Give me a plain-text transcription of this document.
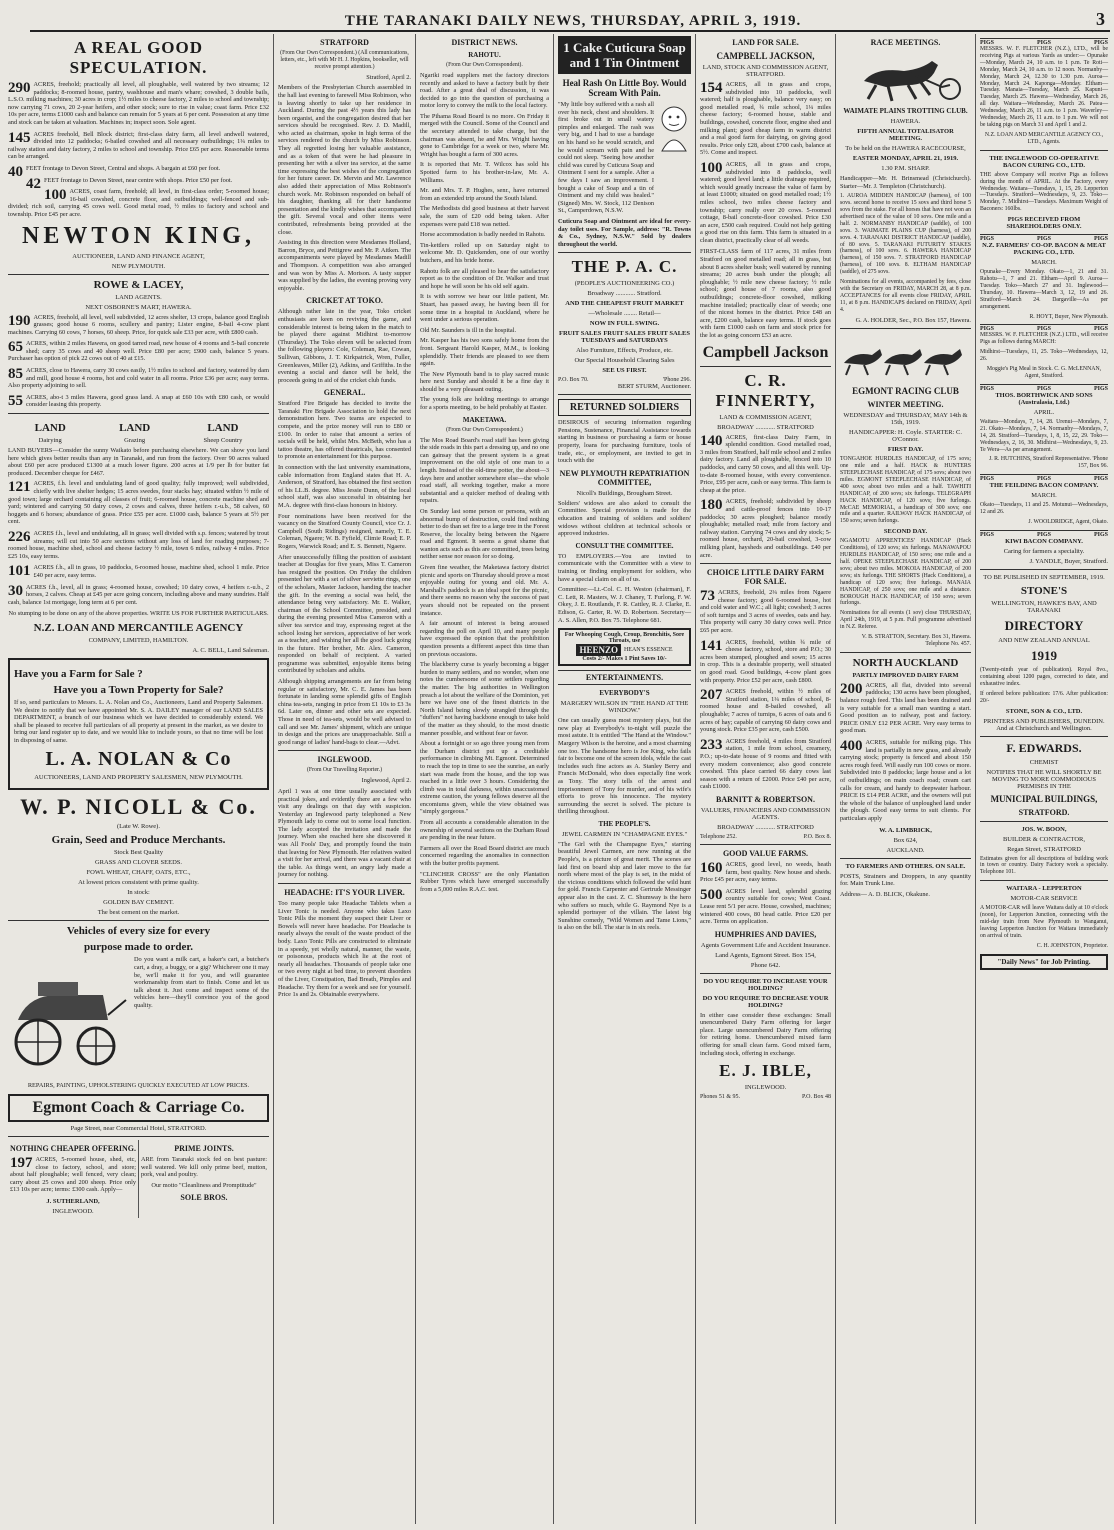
THE TARANAKI DAILY NEWS, THURSDAY, APRIL 3, 1919.	3
A REAL GOOD SPECULATION.
290 ACRES, freehold; practically all level, all ploughable, well watered by two streams; 12 paddocks; 8-roomed house, pantry, washhouse and man's whare; cowshed, 3 double bails, L.S.O. milking machines; 30 acres in crop; 1½ miles to cheese factory, 2 miles to school and township; now carrying 71 cows, 20 2-year heifers, and other stock; sure to rise in value; coast farm. Price £32 10s per acre, terms £1000 cash and balance can remain for 5 years at 6 per cent. Possession at any time and stock can be taken at valuation. Machines in; inspect soon. Sole agent.
145 ACRES freehold, Bell Block district; first-class dairy farm, all level andwell watered, divided into 12 paddocks; 6-bailed cowshed and all necessary outbuildings; 1¼ miles to railway station and dairy factory, 2 miles to school and township. Price £65 per acre. Reasonable terms can be arranged.
40 FEET frontage to Devon Street, Central and shops. A bargain at £60 per foot.
42 FEET frontage to Devon Street, near centre with shops. Price £50 per foot.
100 ACRES, coast farm, freehold; all level, in first-class order; 5-roomed house; 16-bail cowshed, concrete floor, and outbuildings; well-fenced and sub-divided; rich soil, carrying 45 cows well. Good metal road, ½ miles to factory and school and township. Price £45 per acre.
NEWTON KING,
AUCTIONEER, LAND AND FINANCE AGENT,
NEW PLYMOUTH.
ROWE & LACEY,
LAND AGENTS.
NEXT OSBORNE'S MART, HAWERA.
190 ACRES, freehold, all level, well subdivided, 12 acres shelter, 13 crops, balance good English grasses; good house 6 rooms, scullery and pantry; Lister engine, 8-bail 4-cow plant machines. Carrying 60 cows, 7 horses, 60 sheep. Price, for quick sale £33 per acre, with £800 cash.
65 ACRES, within 2 miles Hawera, on good tarred road, new house of 4 rooms and 5-bail concrete shed; carry 35 cows and 40 sheep well. Price £80 per acre; £900 cash, balance 5 years. Purchaser has option of pick 22 cows out of 40 at £15.
85 ACRES, close to Hawera, carry 30 cows easily, 1½ miles to school and factory, watered by dam and mill, good house 4 rooms, hot and cold water in all rooms. Price £36 per acre; easy terms. Also property adjoining to sell.
55 ACRES, abo-t 3 miles Hawera, good grass land. A snap at £60 10s with £80 cash, or would consider leasing this property.
LAND
Dairying
LAND
Grazing
LAND
Sheep Country

LAND BUYERS—Consider the sunny Waikato before purchasing elsewhere. We can show you land here which gives better results than any in Taranaki, and run from the factory. Over 90 acres valued about £60 per acre produced £1300 at a much lower figure. 200 acres at 1/9 per lb for butter fat produced. December cheque for £467.

121 ACRES, f.h. level and undulating land of good quality; fully improved; well subdivided, chiefly with live shelter hedges; 15 acres swedes, four stacks hay; situated within ½ mile of good town; large orchard containing all classes of fruit; 6-roomed house, concrete machine shed and yard; wintered and carrying 50 dairy cows, 2 cows and calves, three heifers r.-u.b., 58 calves, 60 hoggets and 6 horses; abundance of grass. Price £55 per acre. £1000 cash, balance 5 years at 5½ per cent.
226 ACRES f.h., level and undulating, all in grass; well divided with s.p. fences; watered by trout streams; will cut into 50 acre sections without any loss of land for roading purposes; 7-roomed house, machine shed, school and cheese factory ½ mile, town 6 miles, railway 4 miles. Price £25 10s, easy terms.
101 ACRES f.h., all in grass, 10 paddocks, 6-roomed house, machine shed, school 1 mile. Price £40 per acre, easy terms.
30 ACRES f.h., level, all in grass; 4-roomed house, cowshed; 10 dairy cows, 4 heifers r.-u.b., 2 horses, 2 calves. Cheap at £45 per acre going concern, including above and many sundries. Half cash, balance 1st mortgage, long term at 6 per cent.

No stumping to be done on any of the above properties. WRITE US FOR FURTHER PARTICULARS.

N.Z. LOAN AND MERCANTILE AGENCY
COMPANY, LIMITED, HAMILTON.
A. C. BELL, Land Salesman.
Have you a Farm for Sale ?
Have you a Town Property for Sale?

If so, send particulars to Messrs. L. A. Nolan and Co., Auctioneers, Land and Property Salesmen. We desire to notify that we have appointed Mr. S. A. DAILEY manager of our LAND SALES DEPARTMENT, a branch of our business which we have decided to considerably extend. We shall be pleased to receive full particulars of all property at present in the market, as we desire to bring our land register up to date, and we would like to include yours, so that no time will be lost in disposing of same.

L. A. NOLAN & Co
AUCTIONEERS, LAND AND PROPERTY SALESMEN, NEW PLYMOUTH.
W. P. NICOLL & Co.
(Late W. Rowe).
Grain, Seed and Produce Merchants.
Stock Best Quality
GRASS AND CLOVER SEEDS.
FOWL WHEAT, CHAFF, OATS, ETC.,
At lowest prices consistent with prime quality.
In stock:
GOLDEN BAY CEMENT.
The best cement on the market.
Vehicles of every size for every
purpose made to order.

Do you want a milk cart, a baker's cart, a butcher's cart, a dray, a buggy, or a gig? Whichever one it may be, we'll make it for you, and will guarantee workmanship from start to finish. Come and let us talk about it. Just come and inspect some of the vehicles here—they'll convince you of the good quality.

REPAIRS, PAINTING, UPHOLSTERING QUICKLY EXECUTED AT LOW PRICES.

Egmont Coach & Carriage Co.
Page Street, near Commercial Hotel, STRATFORD.
NOTHING CHEAPER OFFERING.
197 ACRES, 5-roomed house, shed, etc, close to factory, school, and store; about half ploughable; well fenced, very clean; carry about 25 cows and 200 sheep. Price only £13 10s per acre; terms: £300 cash. Apply—
J. SUTHERLAND,
INGLEWOOD.
PRIME JOINTS.

ARE from Taranaki stock fed on best pasture: well watered. We kill only prime beef, mutton, pork, veal and poultry.

Our motto "Cleanliness and Promptitude"

SOLE BROS.
STRATFORD

(From Our Own Correspondent.) (All communications, letters, etc., left with Mr H. J. Hopkins, bookseller, will receive prompt attention.)

Stratford, April 2.

Members of the Presbyterian Church assembled in the hall last evening to farewell Miss Robinson, who is leaving shortly to take up her residence in Auckland. During the past 4½ years this lady has been organist, and the congregation desired that her services should be recognised. Rev. J. D. Madill, who acted as chairman, spoke in high terms of the services rendered to the church by Miss Robinson. They all regretted losing her valuable assistance, and as a token of that were he had pleasure in presenting her with a silver tea service, at the same time expressing the best wishes of the congregation for her future career. Dr. Mervin and Mr. Lawrence also added their appreciation of Miss Robinson's church work. Mr. Robinson responded on behalf of his daughter, thanking all for their handsome presentation and the kindly wishes that accompanied the gift. Several vocal and other items were contributed, refreshments being provided at the close.

Assisting in this direction were Mesdames Holland, Barron, Bryce, and Pettigrew and Mr. P. Aitken. The accompaniments were played by Mesdames Madill and Thompson. A competition was also arranged and was won by Miss A. Morison. A tasty supper was supplied by the ladies, the evening proving very enjoyable.

CRICKET AT TOKO.

Although rather late in the year, Toko cricket enthusiasts are keen on reviving the game, and considerable interest is being taken in the match to be played there against Midhirst to-morrow (Thursday). The Toko eleven will be selected from the following players: Cole, Coleman, Rae, Cowan, Sullivan, Gibbons, J. T. Kirkpatrick, Wren, Fuller, Greenleaves, Miller (2), Adkins, and Griffiths. In the evening a social and dance will be held, the proceeds going in aid of the cricket club funds.

GENERAL.

Stratford Fire Brigade has decided to invite the Taranaki Fire Brigade Association to hold the next demonstration here. Two teams are expected to compete, and the prize money will run to £80 or £100. In order to raise that amount a series of socials will be held, whilst Mrs. McBeth, who has a tattoo theatre, has offered theatricals, has consented to promote an entertainment for this purpose.

In connection with the last university examinations, cable information from England states that H. A. Anderson, of Stratford, has obtained the first section of his LL.B. degree. Miss Jessie Dunn, of the local school staff, was also successful in obtaining her M.A. degree with first-class honours in history.

Four nominations have been received for the vacancy on the Stratford County Council, vice Cr. J. Campbell (South Ridings) resigned, namely, T. E. Coleman, Ngaere; W. B. Fyfield, Climie Road; E. P. Rogers, Warwick Road; and E. S. Bennett, Ngaere.

After unsuccessfully filling the position of assistant teacher at Douglas for five years, Miss T. Cameron has resigned the position. On Friday the children presented her with a set of silver serviette rings, one of the scholars, Master Jackson, handing the teacher the gift. In the evening a social was held, the attendance being very satisfactory. Mr. E. Walker, chairman of the School Committee, presided, and during the evening presented Miss Cameron with a silver tea service and tray, expressing regret at the school losing her services, appreciative of her work as a teacher, and wishing her all the good luck going in the future. Her brother, Mr. Alex. Cameron, responded on behalf of recipient. A varied programme was submitted, enjoyable items being contributed by scholars and adults.

Although shipping arrangements are far from being regular or satisfactory, Mr. C. E. James has been fortunate in landing some splendid gifts of English china tea-sets, ranging in price from £1 10s to £3 3s 6d. Later on, dinner and other sets are expected. Those in need of tea-sets, would be well advised to call and see Mr. James' shipment, which are unique in design and the prices are unapproachable. Still a good range of ladies' hand-bags to clear.—Advt.

INGLEWOOD.

(From Our Travelling Reporter.)

Inglewood, April 2.

April 1 was at one time usually associated with practical jokes, and evidently there are a few who visit any dealings on that day with suspicion. Yesterday an Inglewood party telephoned a New Plymouth lady to come out to some local function. The lady accepted the invitation and made the journey. When she reached here she discovered it was All Fools' Day, and promptly found the train that leaving for New Plymouth. Her relatives waited a visit for her arrival, and there was a vacant chair at the table. As things went, an angry lady made a journey for nothing.

HEADACHE: IT'S YOUR LIVER.

Too many people take Headache Tablets when a Liver Tonic is needed. Anyone who takes Laxo Tonic Pills the moment they suspect their Liver or Bowels will never have headache. For Headache is nearly always the result of the waste product of the body. Laxo Tonic Pills are constructed to eliminate in a speedy, yet wholly natural, manner, the waste, or poisonous, products which lie at the root of nearly all headaches. Thousands of people take one or two every night at bed time, to prevent disorders of the Liver, Constipation, Bad Breath, Pimples and Headache. Try them for a week and see for yourself. Price 1s and 2s. Obtainable everywhere.

DISTRICT NEWS.
RAHOTU.

(From Our Own Correspondent).

Ngariki road suppliers met the factory directors recently and asked to have a factory built by their road. After a great deal of discussion, it was decided to go into the question of purchasing a motor lorry to convey the milk to the local factory.

The Pihama Road Board is no more. On Friday it merged with the Council. Some of the Council and the secretary attended to take charge, but the chairman was absent, he and Mrs. Wright having gone to Cambridge for a week or two, where Mr. Wright has bought a farm of 300 acres.

It is reported that Mr. T. Wilcox has sold his Spotted farm to his brother-in-law, Mr. A. Williams.

Mr. and Mrs. T. P. Hughes, senr., have returned from an extended trip around the South Island.

The Methodists did good business at their harvest sale, the sum of £20 odd being taken. After expenses were paid £18 was netted.

Horse accommodation is badly needed in Rahotu.

Tin-kettlers rolled up on Saturday night to welcome Mr. D. Quickenden, one of our worthy butchers, and his bride home.

Rahotu folk are all pleased to hear the satisfactory report as to the condition of Dr. Walker and trust and hope he will soon be his old self again.

It is with sorrow we hear our little patient, Mr. Stuart, has passed away, he having been ill for some time in a hospital in Auckland, where he went under a serious operation.

Old Mr. Saunders is ill in the hospital.

Mr. Kasper has his two sons safely home from the front. Sergeant Harold Kasper, M.M., is looking splendidly. Their friends are pleased to see them again.

The New Plymouth band is to play sacred music here next Sunday and should it be a fine day it should be a very pleasant outing.

The young folk are holding meetings to arrange for a sports meeting, to be held probably at Easter.

MAKETAWA.

(From Our Own Correspondent.)

The Mos Road Board's road staff has been giving the side roads in this part a dressing up, and no one can gainsay that the present system is a great improvement on the old style of one man to a length. Instead of the old-time potter, the about—3 days here and another somewhere else—the whole road staff, all working together, make a more substantial and a quicker method of dealing with repairs.

On Sunday last some person or persons, with an abnormal bump of destruction, could find nothing better to do than set fire to a large tree in the Forest Reserve, the locality being between the Ngaere road and Egmont. It seems a great shame that wanton acts such as this are committed, trees being neither sense nor reason for so doing.

Given fine weather, the Maketawa factory district picnic and sports on Thursday should prove a most enjoyable outing for young and old. Mr. A. Marshall's paddock is an ideal spot for the picnic, and there seems no reason why the success of past years should not be repeated on the present instance.

A fair amount of interest is being aroused regarding the poll on April 10, and many people have expressed the opinion that the prohibition question presents a different aspect this time than on previous occasions.

The blackberry curse is yearly becoming a bigger burden to many settlers, and no wonder, when one notes the cumbersome of some settlers regarding the matter. The big authorities in Wellington preach a lot about the welfare of the Dominion, yet here we have one of the finest districts in the North Island being slowly strangled through the "duffers" not having backbone enough to take hold of the matter as they should, to the most drastic manner possible, and without fear or favor.

About a fortnight or so ago three young men from the Durham district put up a creditable performance in climbing Mt. Egmont. Determined to reach the top in time to see the sunrise, an early start was made from the house, and the top was reached in a little over 3 hours. Considering the climb was in total darkness, within unaccustomed extreme caution, the young fellows deserve all the encomiums given, while the view obtained was "simply gorgeous."

From all accounts a considerable alteration in the ownership of several sections on the Durham Road are pending in the near future.

Farmers all over the Road Board district are much concerned regarding the anomalies in connection with the butter profits payment.

"CLINCHER CROSS" are the only Plantation Rubber Tyres which have emerged successfully from a 5,000 miles R.A.C. test.

1 Cake Cuticura Soap
and 1 Tin Ointment
Heal Rash On Little Boy. Would Scream With Pain.

"My little boy suffered with a rash all over his neck, chest and shoulders. It first broke out in small watery pimples and enlarged. The rash was very big, and I had to use a bandage on his hand so he would scratch, and he would scream with pain and he could not sleep. "Seeing how another child was cured by Cuticura Soap and Ointment I sent for a sample. After a few days I saw an improvement. I bought a cake of Soap and a tin of Ointment and my child was healed." (Signed) Mrs. W. Stock, 112 Denison St., Camperdown, N.S.W.

Cuticura Soap and Ointment are ideal for every-day toilet uses. For Sample, address: "R. Towns & Co., Sydney, N.S.W." Sold by dealers throughout the world.

THE P. A. C.
(PEOPLE'S AUCTIONEERING CO.)
Broadway ............ Stratford.
AND THE CHEAPEST FRUIT MARKET
—Wholesale ........ Retail—
NOW IN FULL SWING.
FRUIT SALES FRUIT SALES FRUIT SALES
TUESDAYS and SATURDAYS
Also Furniture, Effects, Produce, etc.
Our Special Household Clearing Sales
SEE US FIRST.
P.O. Box 70.	'Phone 296.
BERT STURM, Auctioneer.
RETURNED SOLDIERS

DESIROUS of securing information regarding Pensions, Sustenance, Financial Assistance towards starting in business or purchasing a farm or house property, loans for purchasing furniture, tools of trade, etc., or employment, are invited to get in touch with the

NEW PLYMOUTH REPATRIATION COMMITTEE,
Nicoll's Buildings, Brougham Street.

Soldiers' widows are also asked to consult the Committee. Special provision is made for the education and training of soldiers and soldiers' widows without children at technical schools or approved industries.

CONSULT THE COMMITTEE.

TO EMPLOYERS.—You are invited to communicate with the Committee with a view to training or finding employment for soldiers, who have a special claim on all of us.

Committee:—Lt.-Col. C. H. Weston (chairman), F. C. Lett, R. Masters, W. J. Chaney, T. Furlong, F. W. Okey, J. E. Routlands, F. R. Cattley, R. J. Clarke, E. Edison, G. Carter, R. W. D. Robertson. Secretary—A. S. Allen, P.O. Box 75. Telephone 681.

For Whooping Cough, Croup, Bronchitis, Sore Throats, use
HEENZO	HEAN'S ESSENCE
Costs 2/- Makes 1 Pint Saves 10/-
ENTERTAINMENTS.
EVERYBODY'S
MARGERY WILSON IN "THE HAND AT THE WINDOW."

One can usually guess most mystery plays, but the new play at Everybody's to-night will puzzle the most astute. It is entitled "The Hand at the Window." Margery Wilson is the heroine, and a most charming one too. The handsome hero is Joe King, who fails fair to become one of the screen idols, while the cast includes such fine actors as A. Stanley Berry and Francis McDonald, who does especially fine work as Tony. The story tells of the arrest and imprisonment of Tony for murder, and of his wife's efforts to prove his innocence. The mystery surrounding the secret is solved. The picture is thrilling throughout.

THE PEOPLE'S.
JEWEL CARMEN IN "CHAMPAGNE EYES."

"The Girl with the Champagne Eyes," starring beautiful Jewel Carmen, are now running at the People's, is a picture of great merit. The scenes are laid first on board ship and later move to the far north where most of the play is set, in the midst of the vicious conditions which followed the wild hunt for gold. Francis Carpenter and Gertrude Messinger appear also in the cast. Z. C. Shumway is the hero who suffers so much, while G. Raymond Nye is a splendid portrayer of the villain. The latest big Sunshine comedy, "Wild Women and Tame Lions," is also on the bill. The star is in six reels.

LAND FOR SALE.
CAMPBELL JACKSON,
LAND, STOCK AND COMMISSION AGENT, STRATFORD.
154 ACRES, all in grass and crops, subdivided into 10 paddocks, well watered; half is ploughable, balance very easy; on good metalled road, ¾ mile school, 1¼ miles cheese factory; 6-roomed house, stable and buildings, cowshed, concrete floor, engine shed and milking plant; good cheap farm in warm district and a real good farm for dairying, on giving good results. Price only £28, about £700 cash, balance at 5½. Come and inspect.
100 ACRES, all in grass and crops, subdivided into 8 paddocks, well watered; good level land; a little drainage required, which would greatly increase the value of farm by at least £1000; situated on good metalled road; 1½ miles school, two miles cheese factory and township; carry really over 20 cows. 5-roomed cottage, 8-bail concrete-floor cowshed. Price £30 an acre, £500 cash required. Could not help getting a good rise on this farm. This farm is situated in a clean district, practically clear of all weeds.
FIRST-CLASS farm of 117 acres, 31 miles from Stratford on good metalled road; all in grass, but about 8 acres shelter bush; well watered by running streams; 20 acres bush under the plough; all ploughable; ½ mile new cheese factory; ½ mile school; good house of 7 rooms, also good outbuildings; concrete-floor cowshed, milking machine installed; practically clear of weeds; one of the nicest homes in the district. Price £48 an acre, £200 cash, balance easy terms. If stock goes with farm £1000 cash on farm and stock price for the lot as going concern £53 an acre.
Campbell Jackson
C. R. FINNERTY,
LAND & COMMISSION AGENT,
BROADWAY ............ STRATFORD
140 ACRES, first-class Dairy Farm, in splendid condition. Good metalled road, 3 miles from Stratford, half mile school and 2 miles dairy factory. Land all ploughable, fenced into 10 paddocks, and carry 50 cows, and all this well. Up-to-date 8-roomed house, with every convenience. Price, £95 per acre, cash or easy terms. This farm is cheap at the price.
180 ACRES, freehold; subdivided by sheep and cattle-proof fences into 10-17 paddocks; 30 acres ploughed; balance mostly ploughable; metalled road; mile from factory and railway station. Carrying 74 cows and dry stock; 5-roomed house, orchard, 20-bail cowshed, 3-cow milking plant, haysheds and outbuildings. £40 per acre.
CHOICE LITTLE DAIRY FARM FOR SALE.
73 ACRES, freehold, 2¼ miles from Ngaere cheese factory; good 6-roomed house, hot and cold water and W.C.; all light; cowshed; 3 acres of soft turnips and 3 acres of swedes, oats and hay. This property will carry 30 dairy cows well. Price £65 per acre.
141 ACRES, freehold, within ¾ mile of cheese factory, school, store and P.O.; 30 acres been stumped, ploughed and sown; 15 acres in crop. This is a desirable property, well situated on good road. Good buildings, 4-cow plant goes with property. Price £52 per acre, cash £800.
207 ACRES freehold, within ½ miles of Stratford station, 1¼ miles of school, 8-roomed house and 8-bailed cowshed, all ploughable; 7 acres of turnips, 6 acres of oats and 6 acres of hay; capable of carrying 60 dairy cows and young stock. Price £35 per acre, cash £500.
233 ACRES freehold, 4 miles from Stratford station, 1 mile from school, creamery, P.O.; up-to-date house of 9 rooms and fitted with every modern convenience; also good concrete cowshed. This place carried 66 dairy cows last season with a return of £2000. Price £40 per acre, cash £1000.
BARNITT & ROBERTSON.
VALUERS, FINANCIERS AND COMMISSION AGENTS.
BROADWAY ............ STRATFORD
Telephone 252.	P.O. Box 8.
GOOD VALUE FARMS.
160 ACRES, good level, no weeds, heath farm, best quality. New house and sheds. Price £45 per acre, easy terms.
500 ACRES level land, splendid grazing country suitable for cows; West Coast. Lease rent 5/1 per acre. House, cowshed, machines; wintered 400 cows, 80 head cattle. Price £20 per acre. Terms on application.
HUMPHRIES AND DAVIES,
Agents Government Life and Accident Insurance.
Land Agents, Egmont Street. Box 154,
Phone 642.
DO YOU REQUIRE TO INCREASE YOUR HOLDING?
DO YOU REQUIRE TO DECREASE YOUR HOLDING?

In either case consider these exchanges: Small unencumbered Dairy Farm offering for larger place. Large unencumbered Dairy Farm offering for retiring home. Unencumbered mixed farm offering for small clean farm. Good mixed farm, including stock, offering in exchange.

E. J. IBLE,
INGLEWOOD.
Phones 51 & 95.	P.O. Box 48
RACE MEETINGS.
WAIMATE PLAINS TROTTING CLUB.
HAWERA.
FIFTH ANNUAL TOTALISATOR MEETING.
To be held on the HAWERA RACECOURSE,
EASTER MONDAY, APRIL 21, 1919.
1.30 P.M. SHARP.

Handicapper—Mr. H. Brinsmead (Christchurch). Starter—Mr. J. Templeton (Christchurch).

1. AUROA MIDDEN HANDICAP (harness), of 100 sovs. second horse to receive 15 sovs and third horse 5 sovs from the stake. For all horses that have not won an advertised race of the value of 10 sovs. One mile and a half. 2. NORMANBY HANDICAP (saddle), of 100 sovs. 3. WAIMATE PLAINS CUP (harness), of 200 sovs. 4. TARANAKI DISTRICT HANDICAP (saddle), of 80 sovs. 5. TARANAKI FUTURITY STAKES (harness), of 100 sovs. 6. HAWERA HANDICAP (harness), of 150 sovs. 7. STRATFORD HANDICAP (harness), of 100 sovs. 8. ELTHAM HANDICAP (saddle), of 275 sovs.

Nominations for all events, accompanied by fees, close with the Secretary on FRIDAY, MARCH 28, at 8 p.m. ACCEPTANCES for all events close FRIDAY, APRIL 11, at 8 p.m. HANDICAPS declared on FRIDAY, April 4.

G. A. HOLDER, Sec., P.O. Box 157, Hawera.

EGMONT RACING CLUB
WINTER MEETING.
WEDNESDAY and THURSDAY, MAY 14th & 15th, 1919.
HANDICAPPER: H. Coyle. STARTER: C. O'Connor.
FIRST DAY.

TONGAHOE HURDLES HANDICAP, of 175 sovs; one mile and a half. HACK & HUNTERS STEEPLECHASE HANDICAP, of 175 sovs; about two miles. EGMONT STEEPLECHASE HANDICAP, of 400 sovs; about two miles and a half. TAWHITI HANDICAP, of 200 sovs; six furlongs. TELEGRAPH HACK HANDICAP, of 120 sovs; five furlongs. McCAE MEMORIAL, a handicap of 300 sovs; one mile and a quarter. RAILWAY HACK HANDICAP, of 150 sovs; seven furlongs.

SECOND DAY.

NGAMOTU APPRENTICES' HANDICAP (Hack Conditions), of 120 sovs; six furlongs. MANAWAPOU HURDLES HANDICAP, of 150 sovs; one mile and a half. OPEKE STEEPLECHASE HANDICAP, of 200 sovs; about two miles. MOKOIA HANDICAP, of 200 sovs; six furlongs. THE SHORTS (Hack Conditions), a handicap of 120 sovs; five furlongs. MANAIA HANDICAP, of 250 sovs; one mile and a distance. BOROUGH HACK HANDICAP, of 150 sovs; seven furlongs.

Nominations for all events (1 sov) close THURSDAY, April 24th, 1919, at 5 p.m. Full programme advertised in N.Z. Referee.

V. B. STRATTON, Secretary. Box 31, Hawera. Telephone No. 457.

NORTH AUCKLAND
PARTLY IMPROVED DAIRY FARM
200 ACRES, all flat, divided into several paddocks; 130 acres have been ploughed, balance rough feed. This land has been drained and is very suitable for a small man wanting a start. Good position as to railway, post and factory. PRICE ONLY £12 PER ACRE. Very easy terms to good man.
400 ACRES, suitable for milking pigs. This land is partially in new grass, and already carrying stock; property is fenced and about 150 acres rough feed. Will easily run 100 cows or more. Subdivided into 8 paddocks; large house and a lot of outbuildings; on main coach road; cream cart calls for cream, and handy to deepwater harbour. PRICE IS £14 PER ACRE, and the owners will put the whole of the balance of unploughed land under the plough. Good easy terms to suit clients. For particulars apply
W. A. LIMBRICK,
Box 624,
AUCKLAND.
TO FARMERS AND OTHERS. ON SALE.

POSTS, Strainers and Droppers, in any quantity for. Main Trunk Line.

Address— A. D. BLICK, Okakune.

PIGS	PIGS	PIGS

MESSRS. W. F. FLETCHER (N.Z.), LTD., will be receiving Pigs at various Yards as under:— Opunake—Monday, March 24, 10 a.m. to 1 p.m. Te Roti—Monday, March 24, 10 a.m. to 12 noon. Normanby—Monday, March 24, 12.30 to 1.30 p.m. Auroa—Monday, March 24. Kaponga—Monday. Eltham—Tuesday. Manaia—Tuesday, March 25. Kapuni—Tuesday, March 25. Hawera—Wednesday, March 26, all day. Waitara—Wednesday, March 26. Patea—Wednesday, March 26, 11 a.m. to 1 p.m. Waverley—Wednesday, March 26, 11 a.m. to 1 p.m. We will not be taking pigs on March 31 and April 1 and 2.

N.Z. LOAN AND MERCANTILE AGENCY CO., LTD., Agents.

THE INGLEWOOD CO-OPERATIVE BACON CURING CO., LTD.

THE above Company will receive Pigs as follows during the month of APRIL. At the Factory, every Wednesday. Waitara—Tuesdays, 1, 15, 29. Lepperton—Tuesdays. Stratford—Wednesdays, 9, 23. Toko—Monday, 7. Midhirst—Tuesdays. Maximum Weight of Baconers: 160lbs.

PIGS RECEIVED FROM SHAREHOLDERS ONLY.
PIGS	PIGS	PIGS
N.Z. FARMERS' CO-OP. BACON & MEAT PACKING CO., LTD.
MARCH.

Opunake—Every Monday. Okato—1, 21 and 31. Rahotu—1, 7 and 21. Eltham—April 9. Auroa—Tuesday. Toko—March 27 and 31. Inglewood—Thursday, 10. Hawera—March 3, 12, 19 and 26. Stratford—March 24. Dargaville—As per arrangement.

R. HOYT, Buyer, New Plymouth.

PIGS	PIGS	PIGS

MESSRS. W. F. FLETCHER (N.Z.) LTD., will receive Pigs as follows during MARCH:

Midhirst—Tuesdays, 11, 25. Toko—Wednesdays, 12, 26.

Moggie's Pig Meal in Stock. C. G. McLENNAN, Agent, Stratford.

PIGS	PIGS	PIGS
THOS. BORTHWICK AND SONS (Australasia, Ltd.)
APRIL.

Waitara—Mondays, 7, 14, 28. Urenui—Mondays, 7, 21. Okato—Mondays, 7, 14. Normanby—Mondays, 7, 14, 28. Stratford—Tuesdays, 1, 8, 15, 22, 29. Toko—Wednesdays, 2, 16, 30. Midhirst—Wednesdays, 9, 23. Te Wera—As per arrangement.

J. R. HUTCHINS, Stratford Representative. 'Phone 157, Box 96.

PIGS	PIGS	PIGS
THE FEILDING BACON COMPANY.
MARCH.

Okato—Tuesdays, 11 and 25. Motunui—Wednesdays, 12 and 26.

J. WOOLDRIDGE, Agent, Okato.

PIGS	PIGS	PIGS
KIWI BACON COMPANY.
Caring for farmers a speciality.
J. YANDLE, Buyer, Stratford.
TO BE PUBLISHED IN SEPTEMBER, 1919.
STONE'S
WELLINGTON, HAWKE'S BAY, AND TARANAKI
DIRECTORY
AND NEW ZEALAND ANNUAL
1919

(Twenty-ninth year of publication). Royal 8vo., containing about 1200 pages, corrected to date, and exhaustive index.

If ordered before publication: 17/6. After publication: 20/-

STONE, SON & CO., LTD.
PRINTERS AND PUBLISHERS, DUNEDIN. And at Christchurch and Wellington.
F. EDWARDS.
CHEMIST
NOTIFIES THAT HE WILL SHORTLY BE MOVING TO MORE COMMODIOUS PREMISES IN THE
MUNICIPAL BUILDINGS,
STRATFORD.
JOS. W. BOON,
BUILDER & CONTRACTOR,
Regan Street, STRATFORD

Estimates given for all descriptions of building work in town or country. Dairy Factory work a specialty. Telephone 101.

WAITARA - LEPPERTON
MOTOR-CAR SERVICE

A MOTOR-CAR will leave Waitara daily at 10 o'clock (noon), for Lepperton Junction, connecting with the mid-day train from New Plymouth to Wanganui, leaving Lepperton Junction for Waitara immediately on arrival of train.

C. H. JOHNSTON, Proprietor.

"Daily News" for Job Printing.
